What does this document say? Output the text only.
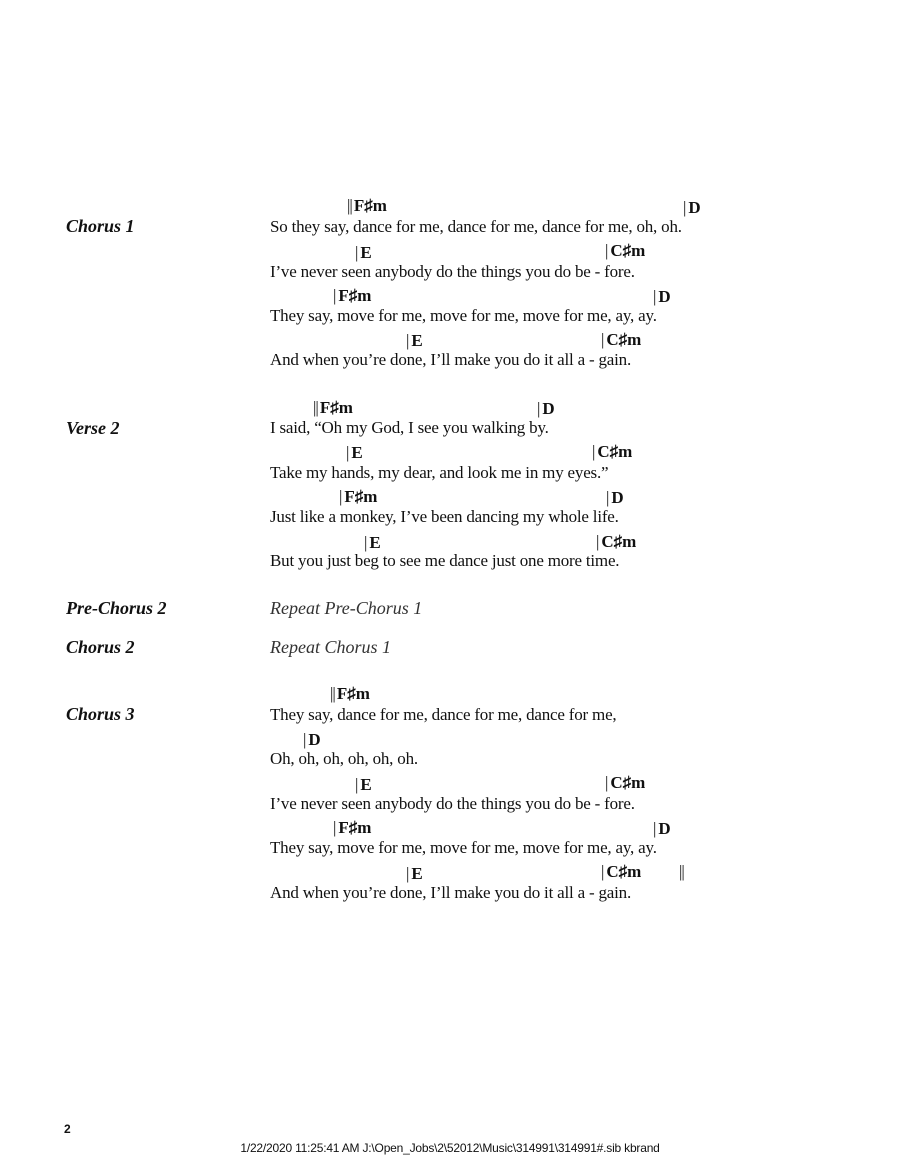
Chorus 1
|| F♯m	| D
So they say, dance for me, dance for me, dance for me, oh, oh.
| E	| C♯m
I’ve never seen anybody do the things you do be - fore.
| F♯m	| D
They say, move for me, move for me, move for me, ay, ay.
| E	| C♯m
And when you’re done, I’ll make you do it all a - gain.
Verse 2
|| F♯m	| D
I said, “Oh my God, I see you walking by.
| E	| C♯m
Take my hands, my dear, and look me in my eyes.”
| F♯m	| D
Just like a monkey, I’ve been dancing my whole life.
| E	| C♯m
But you just beg to see me dance just one more time.
Pre-Chorus 2	Repeat Pre-Chorus 1
Chorus 2	Repeat Chorus 1
Chorus 3
|| F♯m
They say, dance for me, dance for me, dance for me,
| D
Oh, oh, oh, oh, oh, oh.
| E	| C♯m
I’ve never seen anybody do the things you do be - fore.
| F♯m	| D
They say, move for me, move for me, move for me, ay, ay.
| E	| C♯m ||
And when you’re done, I’ll make you do it all a - gain.
2
1/22/2020 11:25:41 AM J:\Open_Jobs\2\52012\Music\314991\314991#.sib kbrand
